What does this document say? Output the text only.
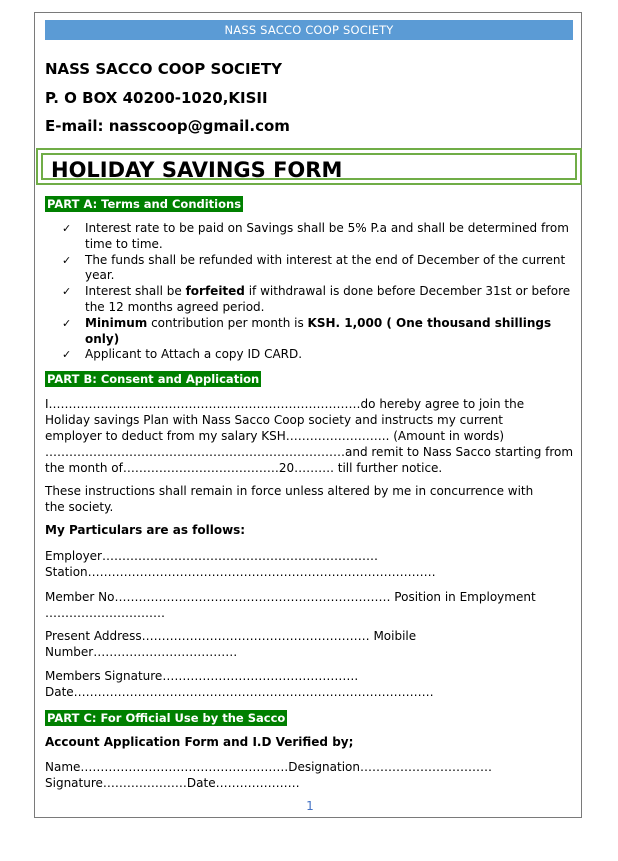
NASS SACCO COOP SOCIETY
NASS SACCO COOP SOCIETY
P. O BOX 40200-1020,KISII
E-mail: nasscoop@gmail.com
HOLIDAY SAVINGS FORM
PART A: Terms and Conditions
✓ Interest rate to be paid on Savings shall be 5% P.a and shall be determined from time to time.
✓ The funds shall be refunded with interest at the end of December of the current year.
✓ Interest shall be forfeited if withdrawal is done before December 31st or before the 12 months agreed period.
✓ Minimum contribution per month is KSH. 1,000 ( One thousand shillings only)
✓ Applicant to Attach a copy ID CARD.
PART B: Consent and Application
I……………………………………………………………………do hereby agree to join the
Holiday savings Plan with Nass Sacco Coop society and instructs my current
employer to deduct from my salary KSH…………………….. (Amount in words)
…………………………………………………………………and remit to Nass Sacco starting from
the month of…………………………………20………. till further notice.
These instructions shall remain in force unless altered by me in concurrence with
the society.
My Particulars are as follows:
Employer……………………………………………………………
Station……………………………………………………………………………
Member No…………………………………………………………… Position in Employment
…………………………
Present Address………………………………………………… Moibile
Number………………………………
Members Signature………………………………………….
Date………………………………………………………………………………
PART C: For Official Use by the Sacco
Account Application Form and I.D Verified by;
Name…………………………………………….Designation……………………………
Signature…………………Date…………………
1
